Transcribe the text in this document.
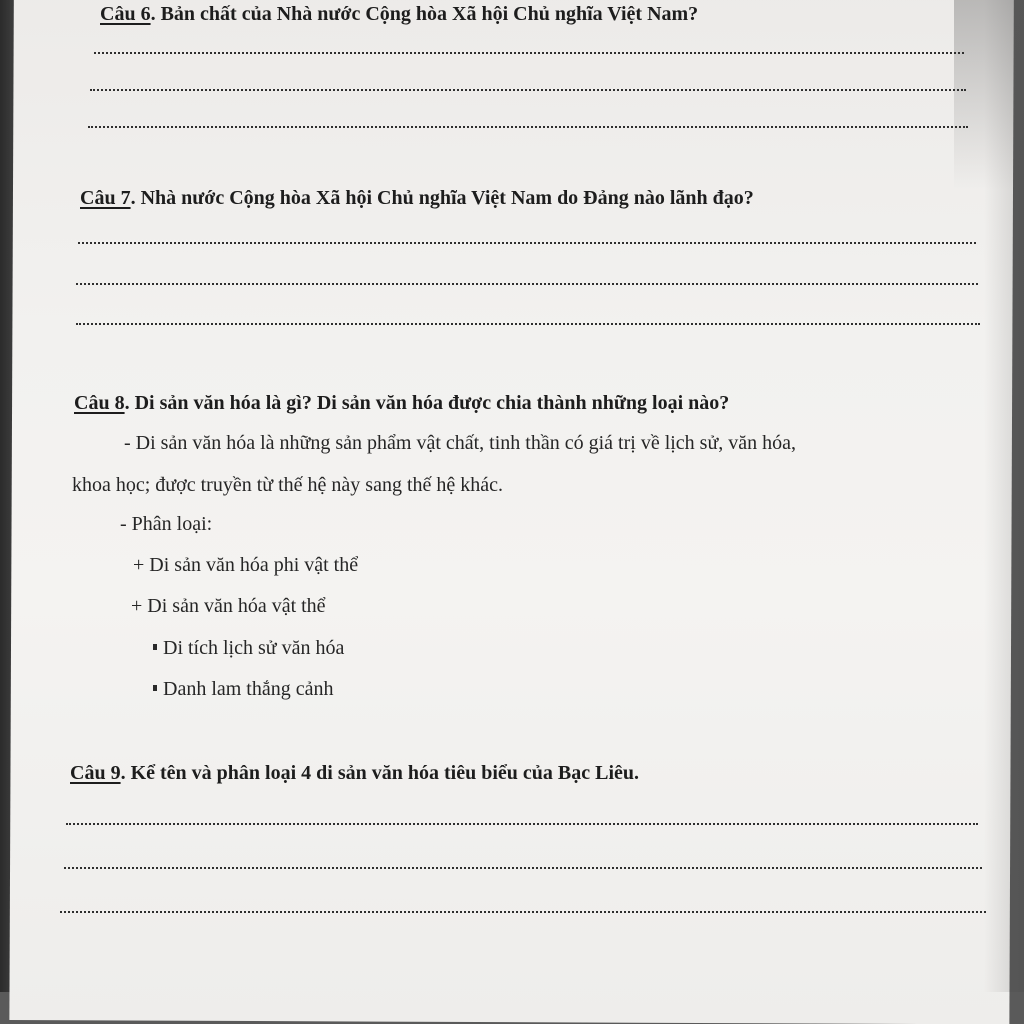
Câu 6. Bản chất của Nhà nước Cộng hòa Xã hội Chủ nghĩa Việt Nam?

Câu 7. Nhà nước Cộng hòa Xã hội Chủ nghĩa Việt Nam do Đảng nào lãnh đạo?

Câu 8. Di sản văn hóa là gì? Di sản văn hóa được chia thành những loại nào?

- Di sản văn hóa là những sản phẩm vật chất, tinh thần có giá trị về lịch sử, văn hóa,

khoa học; được truyền từ thế hệ này sang thế hệ khác.

- Phân loại:

+ Di sản văn hóa phi vật thể

+ Di sản văn hóa vật thể

Di tích lịch sử văn hóa

Danh lam thắng cảnh

Câu 9. Kể tên và phân loại 4 di sản văn hóa tiêu biểu của Bạc Liêu.
